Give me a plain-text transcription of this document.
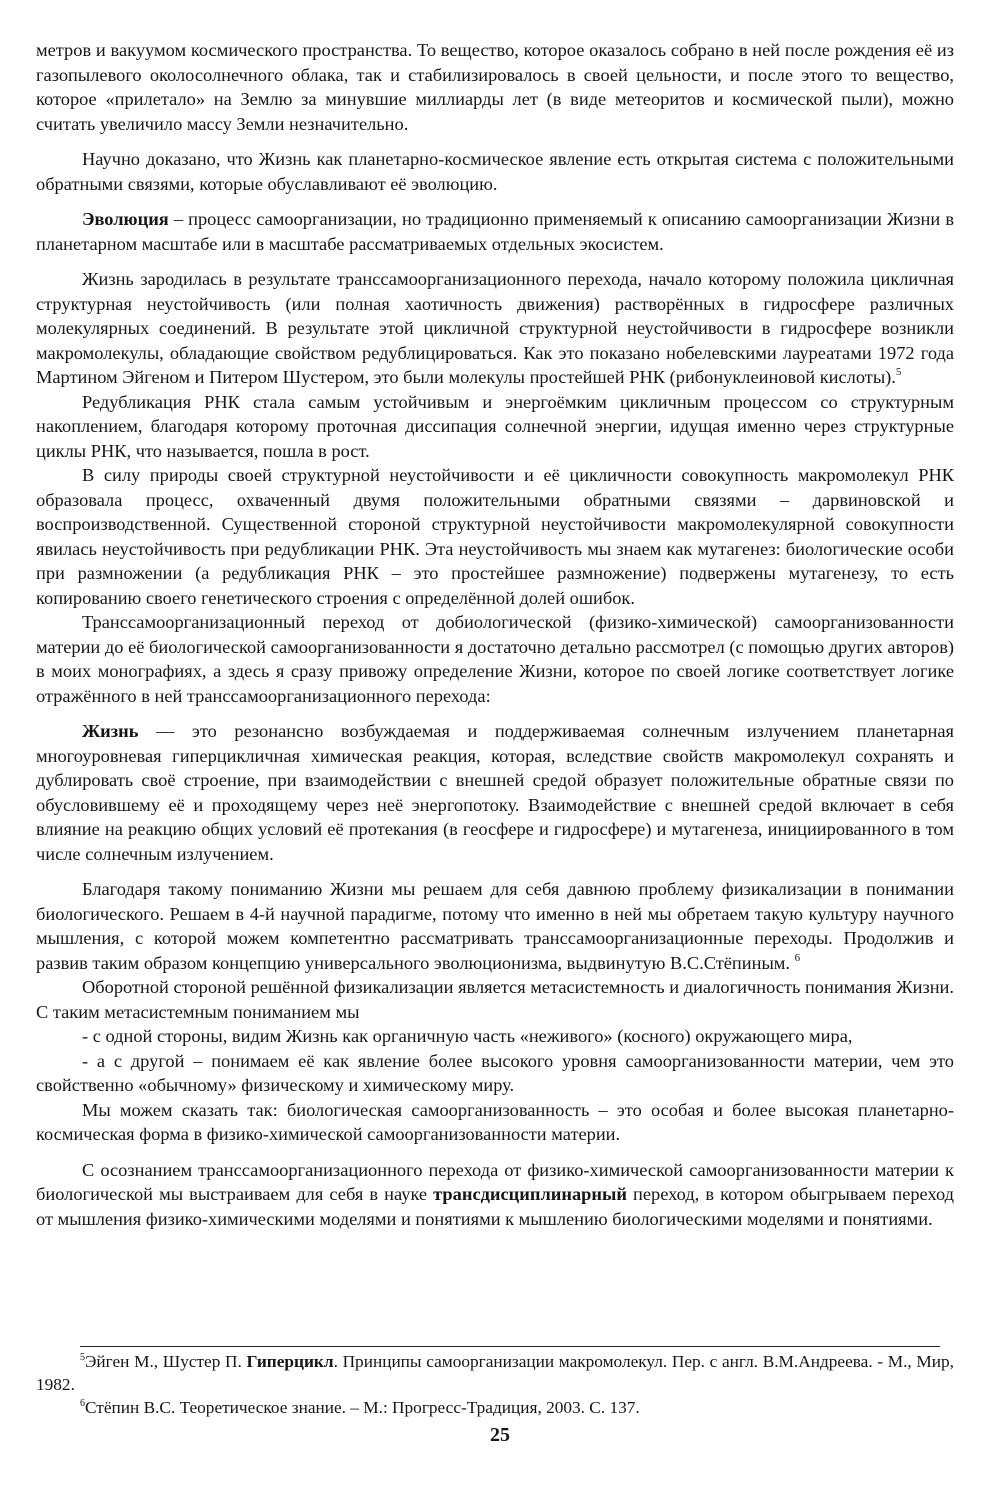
метров и вакуумом космического пространства. То вещество, которое оказалось собрано в ней после рождения её из газопылевого околосолнечного облака, так и стабилизировалось в своей цельности, и после этого то вещество, которое «прилетало» на Землю за минувшие миллиарды лет (в виде метеоритов и космической пыли), можно считать увеличило массу Земли незначительно.

Научно доказано, что Жизнь как планетарно-космическое явление есть открытая система с положительными обратными связями, которые обуславливают её эволюцию.

Эволюция – процесс самоорганизации, но традиционно применяемый к описанию самоорганизации Жизни в планетарном масштабе или в масштабе рассматриваемых отдельных экосистем.

Жизнь зародилась в результате транссамоорганизационного перехода, начало которому положила цикличная структурная неустойчивость (или полная хаотичность движения) растворённых в гидросфере различных молекулярных соединений. В результате этой цикличной структурной неустойчивости в гидросфере возникли макромолекулы, обладающие свойством редублицироваться. Как это показано нобелевскими лауреатами 1972 года Мартином Эйгеном и Питером Шустером, это были молекулы простейшей РНК (рибонуклеиновой кислоты).$^5$

Редубликация РНК стала самым устойчивым и энергоёмким цикличным процессом со структурным накоплением, благодаря которому проточная диссипация солнечной энергии, идущая именно через структурные циклы РНК, что называется, пошла в рост.

В силу природы своей структурной неустойчивости и её цикличности совокупность макромолекул РНК образовала процесс, охваченный двумя положительными обратными связями – дарвиновской и воспроизводственной. Существенной стороной структурной неустойчивости макромолекулярной совокупности явилась неустойчивость при редубликации РНК. Эта неустойчивость мы знаем как мутагенез: биологические особи при размножении (а редубликация РНК – это простейшее размножение) подвержены мутагенезу, то есть копированию своего генетического строения с определённой долей ошибок.

Транссамоорганизационный переход от добиологической (физико-химической) самоорганизованности материи до её биологической самоорганизованности я достаточно детально рассмотрел (с помощью других авторов) в моих монографиях, а здесь я сразу привожу определение Жизни, которое по своей логике соответствует логике отражённого в ней транссамоорганизационного перехода:

Жизнь — это резонансно возбуждаемая и поддерживаемая солнечным излучением планетарная многоуровневая гиперцикличная химическая реакция, которая, вследствие свойств макромолекул сохранять и дублировать своё строение, при взаимодействии с внешней средой образует положительные обратные связи по обусловившему её и проходящему через неё энергопотоку. Взаимодействие с внешней средой включает в себя влияние на реакцию общих условий её протекания (в геосфере и гидросфере) и мутагенеза, инициированного в том числе солнечным излучением.

Благодаря такому пониманию Жизни мы решаем для себя давнюю проблему физикализации в понимании биологического. Решаем в 4-й научной парадигме, потому что именно в ней мы обретаем такую культуру научного мышления, с которой можем компетентно рассматривать транссамоорганизационные переходы. Продолжив и развив таким образом концепцию универсального эволюционизма, выдвинутую В.С.Стёпиным. $^6$

Оборотной стороной решённой физикализации является метасистемность и диалогичность понимания Жизни. С таким метасистемным пониманием мы

- с одной стороны, видим Жизнь как органичную часть «неживого» (косного) окружающего мира,

- а с другой – понимаем её как явление более высокого уровня самоорганизованности материи, чем это свойственно «обычному» физическому и химическому миру.

Мы можем сказать так: биологическая самоорганизованность – это особая и более высокая планетарно-космическая форма в физико-химической самоорганизованности материи.

С осознанием транссамоорганизационного перехода от физико-химической самоорганизованности материи к биологической мы выстраиваем для себя в науке трансдисциплинарный переход, в котором обыгрываем переход от мышления физико-химическими моделями и понятиями к мышлению биологическими моделями и понятиями.

$^5$Эйген М., Шустер П. Гиперцикл. Принципы самоорганизации макромолекул. Пер. с англ. В.М.Андреева. - М., Мир, 1982.

$^6$Стёпин В.С. Теоретическое знание. – М.: Прогресс-Традиция, 2003. С. 137.

25
